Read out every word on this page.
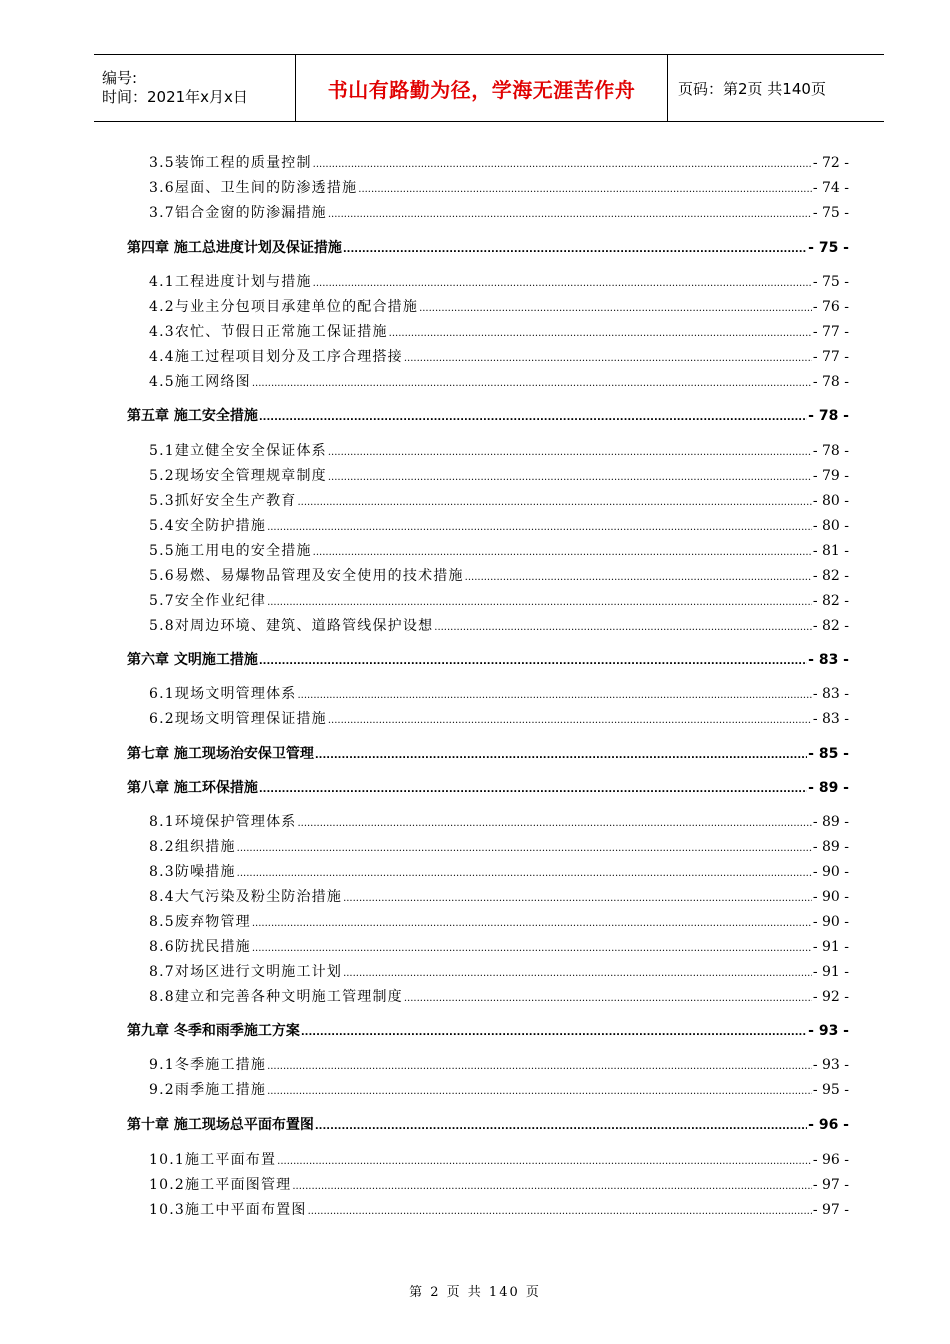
编号:
时间：2021年x月x日	书山有路勤为径，学海无涯苦作舟	页码：第2页 共140页
3.5装饰工程的质量控制 .....	- 72 -
3.6屋面、卫生间的防渗透措施 .....	- 74 -
3.7铝合金窗的防渗漏措施 .....	- 75 -
第四章 施工总进度计划及保证措施 .....	- 75 -
4.1工程进度计划与措施 .....	- 75 -
4.2与业主分包项目承建单位的配合措施 .....	- 76 -
4.3农忙、节假日正常施工保证措施 .....	- 77 -
4.4施工过程项目划分及工序合理搭接 .....	- 77 -
4.5施工网络图 .....	- 78 -
第五章 施工安全措施 .....	- 78 -
5.1建立健全安全保证体系 .....	- 78 -
5.2现场安全管理规章制度 .....	- 79 -
5.3抓好安全生产教育 .....	- 80 -
5.4安全防护措施 .....	- 80 -
5.5施工用电的安全措施 .....	- 81 -
5.6易燃、易爆物品管理及安全使用的技术措施 .....	- 82 -
5.7安全作业纪律 .....	- 82 -
5.8对周边环境、建筑、道路管线保护设想 .....	- 82 -
第六章 文明施工措施 .....	- 83 -
6.1现场文明管理体系 .....	- 83 -
6.2现场文明管理保证措施 .....	- 83 -
第七章 施工现场治安保卫管理 .....	- 85 -
第八章 施工环保措施 .....	- 89 -
8.1环境保护管理体系 .....	- 89 -
8.2组织措施 .....	- 89 -
8.3防噪措施 .....	- 90 -
8.4大气污染及粉尘防治措施 .....	- 90 -
8.5废弃物管理 .....	- 90 -
8.6防扰民措施 .....	- 91 -
8.7对场区进行文明施工计划 .....	- 91 -
8.8建立和完善各种文明施工管理制度 .....	- 92 -
第九章 冬季和雨季施工方案 .....	- 93 -
9.1冬季施工措施 .....	- 93 -
9.2雨季施工措施 .....	- 95 -
第十章 施工现场总平面布置图 .....	- 96 -
10.1施工平面布置 .....	- 96 -
10.2施工平面图管理 .....	- 97 -
10.3施工中平面布置图 .....	- 97 -
第 2 页 共 140 页
